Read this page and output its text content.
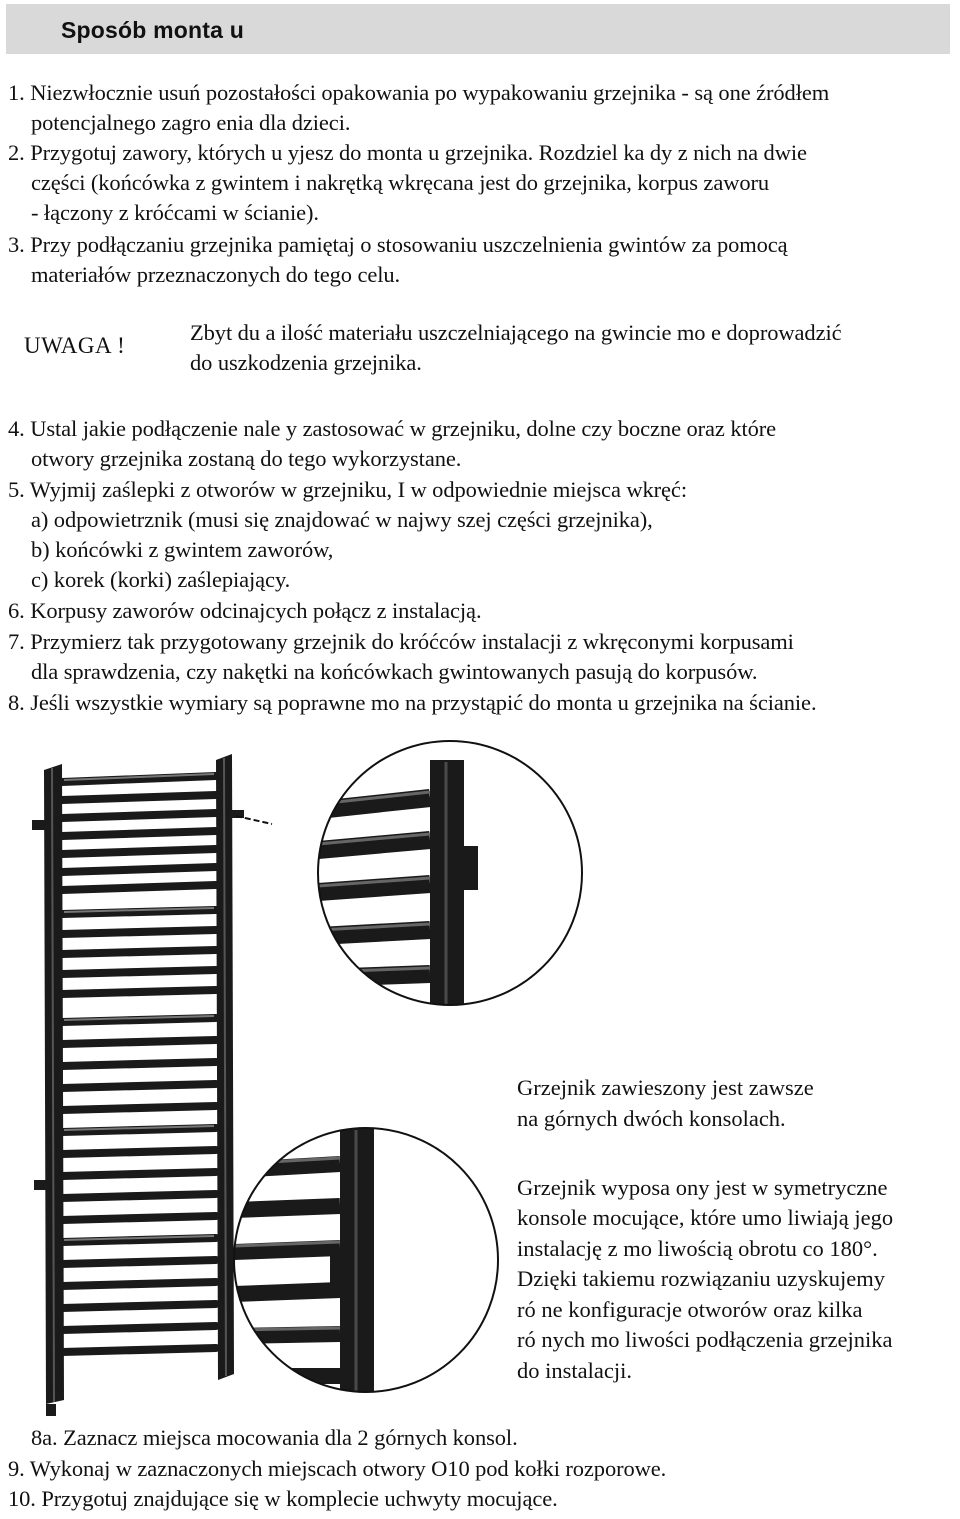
Sposób monta u
1. Niezwłocznie usuń pozostałości opakowania po wypakowaniu grzejnika - są one źródłem
potencjalnego zagro enia dla dzieci.
2. Przygotuj zawory, których u yjesz do monta u grzejnika. Rozdziel ka dy z nich na dwie
części (końcówka z gwintem i nakrętką wkręcana jest do grzejnika, korpus zaworu
- łączony z króćcami w ścianie).
3. Przy podłączaniu grzejnika pamiętaj o stosowaniu uszczelnienia gwintów za pomocą
materiałów przeznaczonych do tego celu.
UWAGA !
Zbyt du a ilość materiału uszczelniającego na gwincie mo e doprowadzić
do uszkodzenia grzejnika.
4. Ustal jakie podłączenie nale y zastosować w grzejniku, dolne czy boczne oraz które
otwory grzejnika zostaną do tego wykorzystane.
5. Wyjmij zaślepki z otworów w grzejniku, I w odpowiednie miejsca wkręć:
a) odpowietrznik (musi się znajdować w najwy szej części grzejnika),
b) końcówki z gwintem zaworów,
c) korek (korki) zaślepiający.
6. Korpusy zaworów odcinajcych połącz z instalacją.
7. Przymierz tak przygotowany grzejnik do króćców instalacji z wkręconymi korpusami
dla sprawdzenia, czy nakętki na końcówkach gwintowanych pasują do korpusów.
8. Jeśli wszystkie wymiary są poprawne mo na przystąpić do monta u grzejnika na ścianie.
Grzejnik zawieszony jest zawsze
na górnych dwóch konsolach.
Grzejnik wyposa ony jest w symetryczne
konsole mocujące, które umo liwiają jego
instalację z mo liwością obrotu co 180°.
Dzięki takiemu rozwiązaniu uzyskujemy
ró ne konfiguracje otworów oraz kilka
ró nych mo liwości podłączenia grzejnika
do instalacji.
8a. Zaznacz miejsca mocowania dla 2 górnych konsol.
9. Wykonaj w zaznaczonych miejscach otwory O10 pod kołki rozporowe.
10. Przygotuj znajdujące się w komplecie uchwyty mocujące.
